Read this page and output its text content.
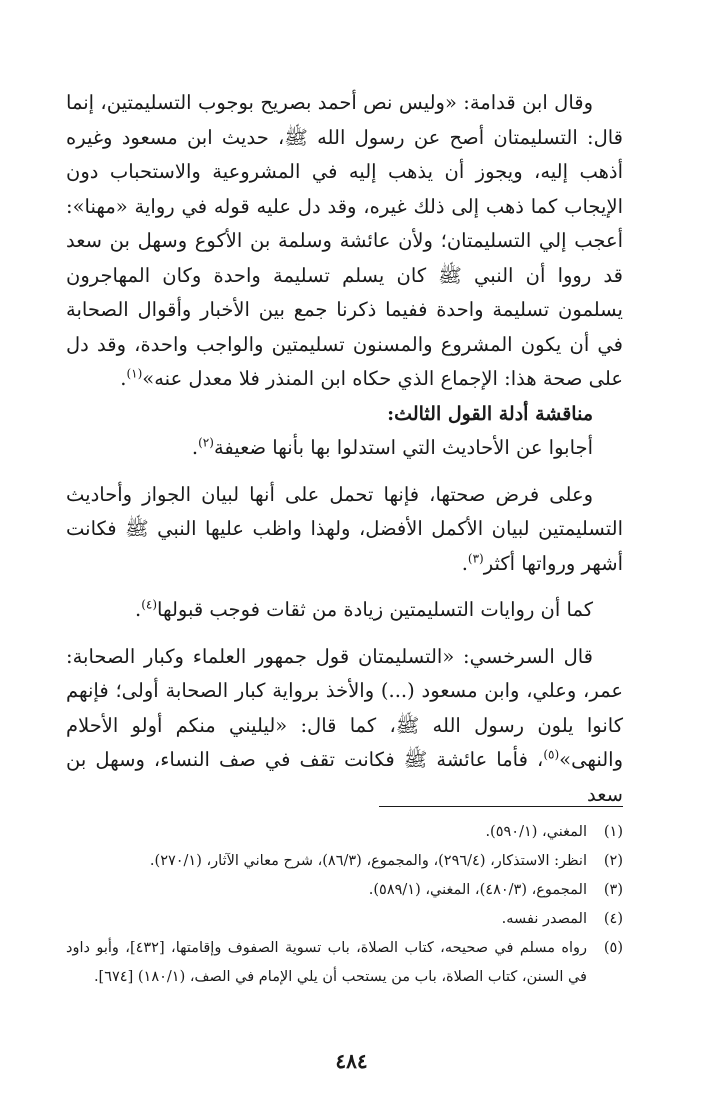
وقال ابن قدامة: «وليس نص أحمد بصريح بوجوب التسليمتين، إنما قال: التسليمتان أصح عن رسول الله ﷺ، حديث ابن مسعود وغيره أذهب إليه، ويجوز أن يذهب إليه في المشروعية والاستحباب دون الإيجاب كما ذهب إلى ذلك غيره، وقد دل عليه قوله في رواية «مهنا»: أعجب إلي التسليمتان؛ ولأن عائشة وسلمة بن الأكوع وسهل بن سعد قد رووا أن النبي ﷺ كان يسلم تسليمة واحدة وكان المهاجرون يسلمون تسليمة واحدة ففيما ذكرنا جمع بين الأخبار وأقوال الصحابة في أن يكون المشروع والمسنون تسليمتين والواجب واحدة، وقد دل على صحة هذا: الإجماع الذي حكاه ابن المنذر فلا معدل عنه»$^{(١)}$.

مناقشة أدلة القول الثالث:

أجابوا عن الأحاديث التي استدلوا بها بأنها ضعيفة$^{(٢)}$.

وعلى فرض صحتها، فإنها تحمل على أنها لبيان الجواز وأحاديث التسليمتين لبيان الأكمل الأفضل، ولهذا واظب عليها النبي ﷺ فكانت أشهر ورواتها أكثر$^{(٣)}$.

كما أن روايات التسليمتين زيادة من ثقات فوجب قبولها$^{(٤)}$.

قال السرخسي: «التسليمتان قول جمهور العلماء وكبار الصحابة: عمر، وعلي، وابن مسعود (...) والأخذ برواية كبار الصحابة أولى؛ فإنهم كانوا يلون رسول الله ﷺ، كما قال: «ليليني منكم أولو الأحلام والنهى»$^{(٥)}$، فأما عائشة ﷺ فكانت تقف في صف النساء، وسهل بن سعد

(١)
المغني، (٥٩٠/١).
(٢)
انظر: الاستذكار، (٢٩٦/٤)، والمجموع، (٨٦/٣)، شرح معاني الآثار، (٢٧٠/١).
(٣)
المجموع، (٤٨٠/٣)، المغني، (٥٨٩/١).
(٤)
المصدر نفسه.
(٥)
رواه مسلم في صحيحه، كتاب الصلاة، باب تسوية الصفوف وإقامتها، [٤٣٢]، وأبو داود في السنن، كتاب الصلاة، باب من يستحب أن يلي الإمام في الصف، (١٨٠/١) [٦٧٤].
٤٨٤
